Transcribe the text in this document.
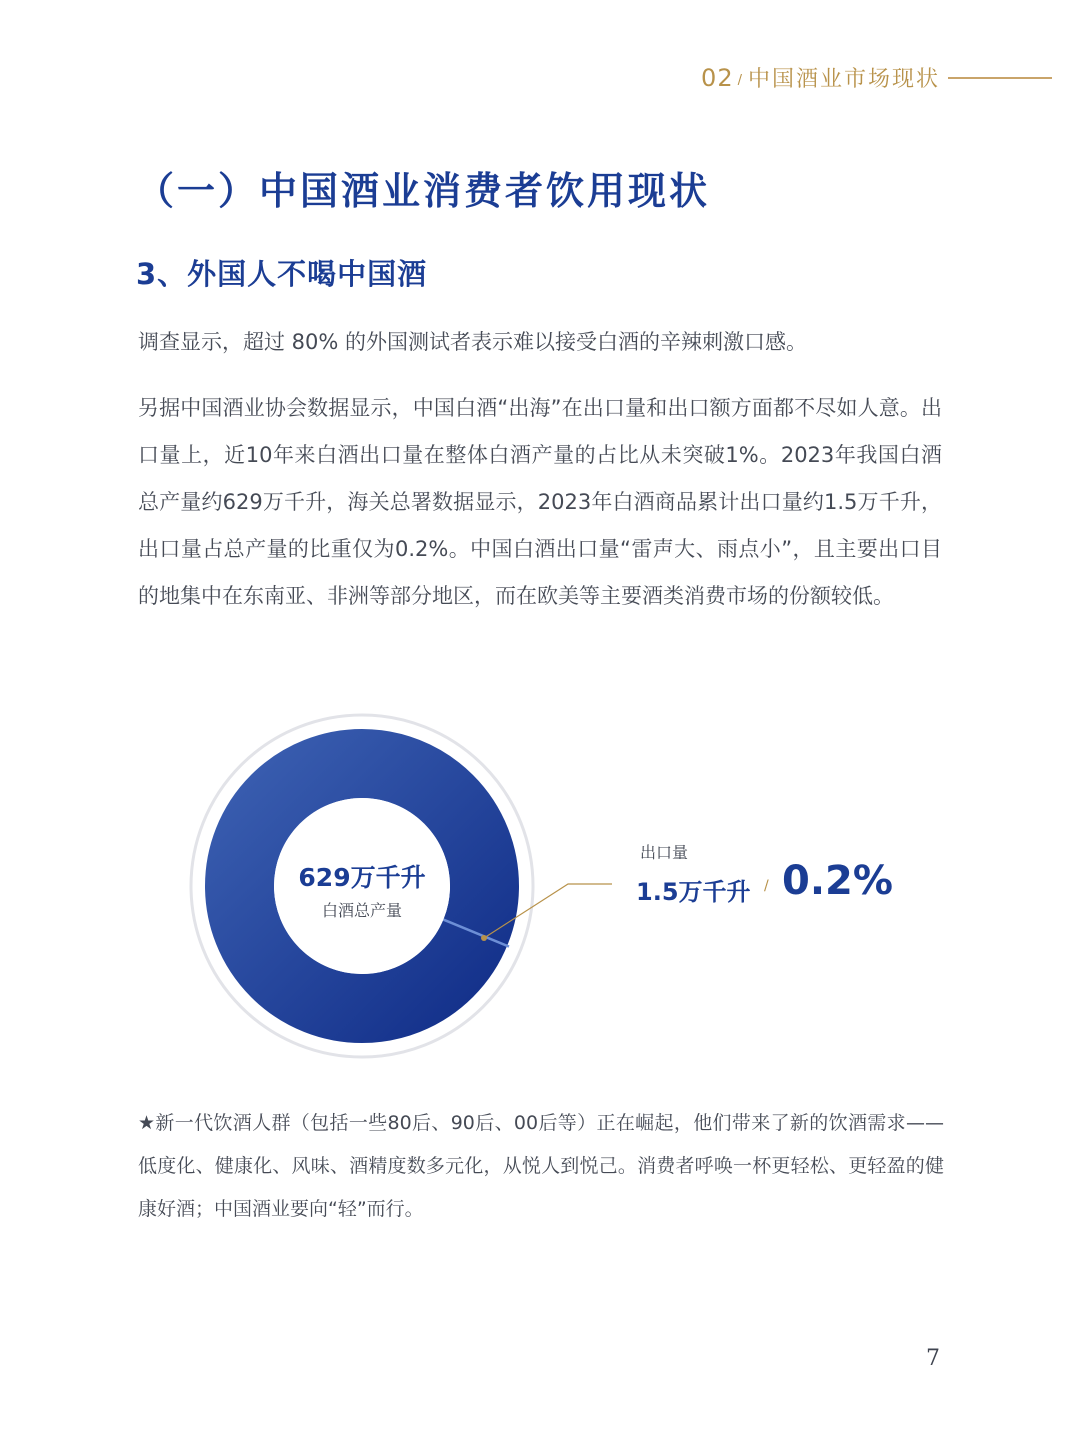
02 / 中国酒业市场现状
（一）中国酒业消费者饮用现状
3、外国人不喝中国酒

调查显示，超过 80% 的外国测试者表示难以接受白酒的辛辣刺激口感。

另据中国酒业协会数据显示，中国白酒“出海”在出口量和出口额方面都不尽如人意。出口量上，近10年来白酒出口量在整体白酒产量的占比从未突破1%。2023年我国白酒总产量约629万千升，海关总署数据显示，2023年白酒商品累计出口量约1.5万千升，出口量占总产量的比重仅为0.2%。中国白酒出口量“雷声大、雨点小”，且主要出口目的地集中在东南亚、非洲等部分地区，而在欧美等主要酒类消费市场的份额较低。

629万千升
白酒总产量
出口量
1.5万千升 / 0.2%

★新一代饮酒人群（包括一些80后、90后、00后等）正在崛起，他们带来了新的饮酒需求——低度化、健康化、风味、酒精度数多元化，从悦人到悦己。消费者呼唤一杯更轻松、更轻盈的健康好酒；中国酒业要向“轻”而行。

7
